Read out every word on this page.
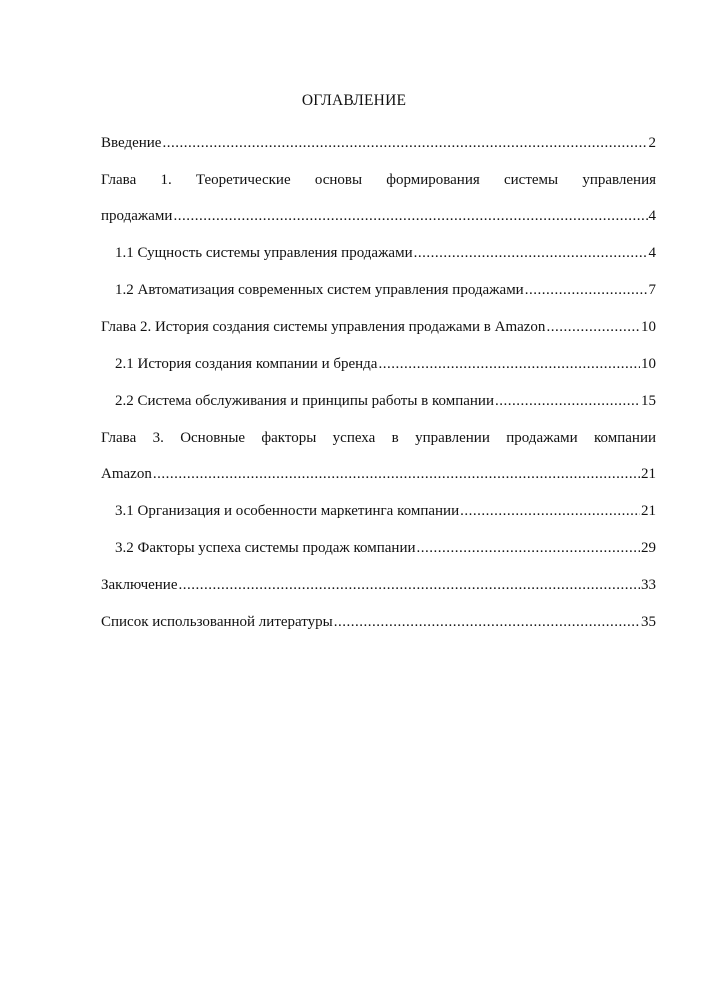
ОГЛАВЛЕНИЕ
Введение .....	2
Глава 1. Теоретические основы формирования системы управления
продажами .....	4
1.1 Сущность системы управления продажами .....	4
1.2 Автоматизация современных систем управления продажами .....	7
Глава 2. История создания системы управления продажами в Amazon .....	10
2.1 История создания компании и бренда .....	10
2.2 Система обслуживания и принципы работы в компании .....	15
Глава 3. Основные факторы успеха в управлении продажами компании
Amazon .....	21
3.1 Организация и особенности маркетинга компании .....	21
3.2 Факторы успеха системы продаж компании .....	29
Заключение .....	33
Список использованной литературы .....	35
